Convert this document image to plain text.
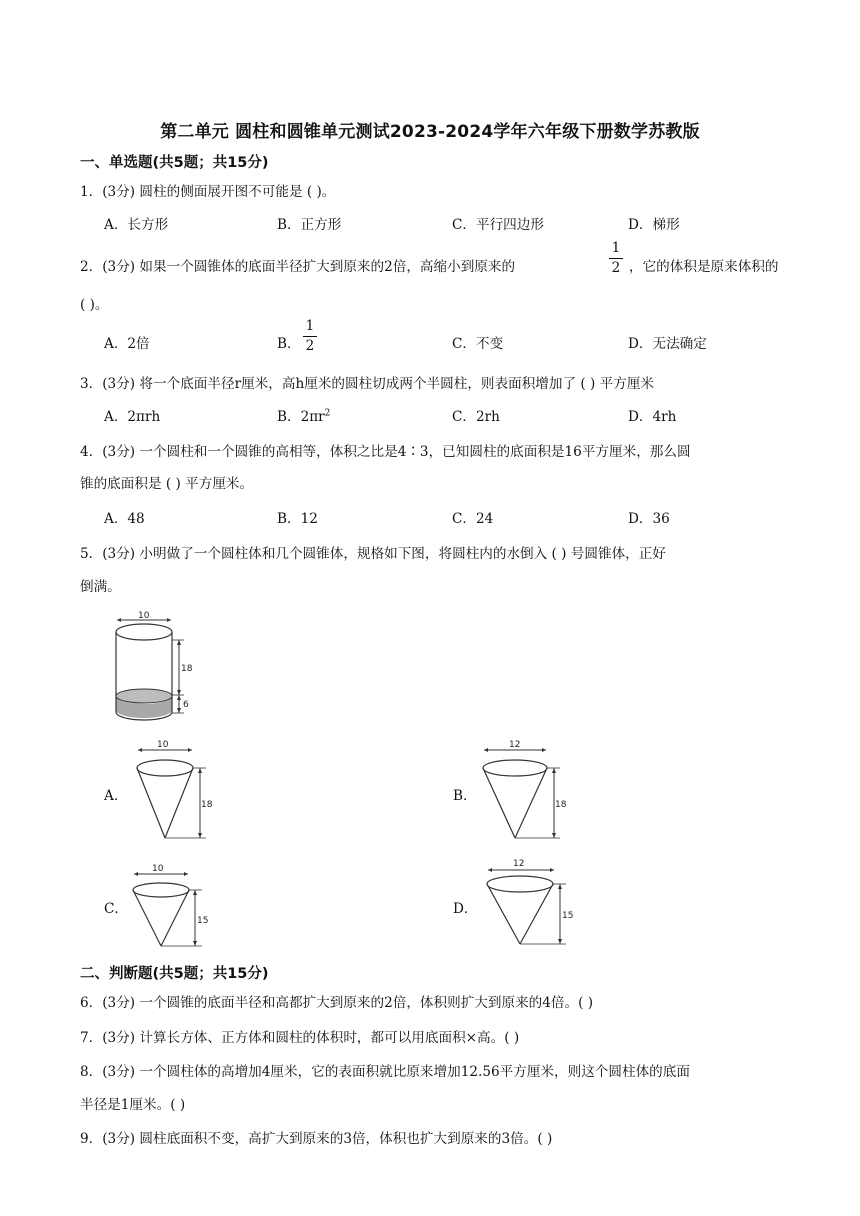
第二单元 圆柱和圆锥单元测试2023-2024学年六年级下册数学苏教版
一、单选题(共5题；共15分)
1．(3分) 圆柱的侧面展开图不可能是 ( )。
A．长方形	B．正方形	C．平行四边形	D．梯形
2．(3分) 如果一个圆锥体的底面半径扩大到原来的2倍，高缩小到原来的
1
2 ，它的体积是原来体积的
( )。
A．2倍	B．
1
2	C．不变	D．无法确定
3．(3分) 将一个底面半径r厘米，高h厘米的圆柱切成两个半圆柱，则表面积增加了 ( ) 平方厘米
A．2πrh	B．$2\pi r^2$	C．2rh	D．4rh
4．(3分) 一个圆柱和一个圆锥的高相等，体积之比是4∶3，已知圆柱的底面积是16平方厘米，那么圆
锥的底面积是 ( ) 平方厘米。
A．48	B．12	C．24	D．36
5．(3分) 小明做了一个圆柱体和几个圆锥体，规格如下图，将圆柱内的水倒入 ( ) 号圆锥体，正好
倒满。
10
18
6
A．
10
18
B．
12
18
C．
10
15
D．
12
15
二、判断题(共5题；共15分)
6．(3分) 一个圆锥的底面半径和高都扩大到原来的2倍，体积则扩大到原来的4倍。( )
7．(3分) 计算长方体、正方体和圆柱的体积时，都可以用底面积×高。( )
8．(3分) 一个圆柱体的高增加4厘米，它的表面积就比原来增加12.56平方厘米，则这个圆柱体的底面
半径是1厘米。( )
9．(3分) 圆柱底面积不变，高扩大到原来的3倍，体积也扩大到原来的3倍。( )
